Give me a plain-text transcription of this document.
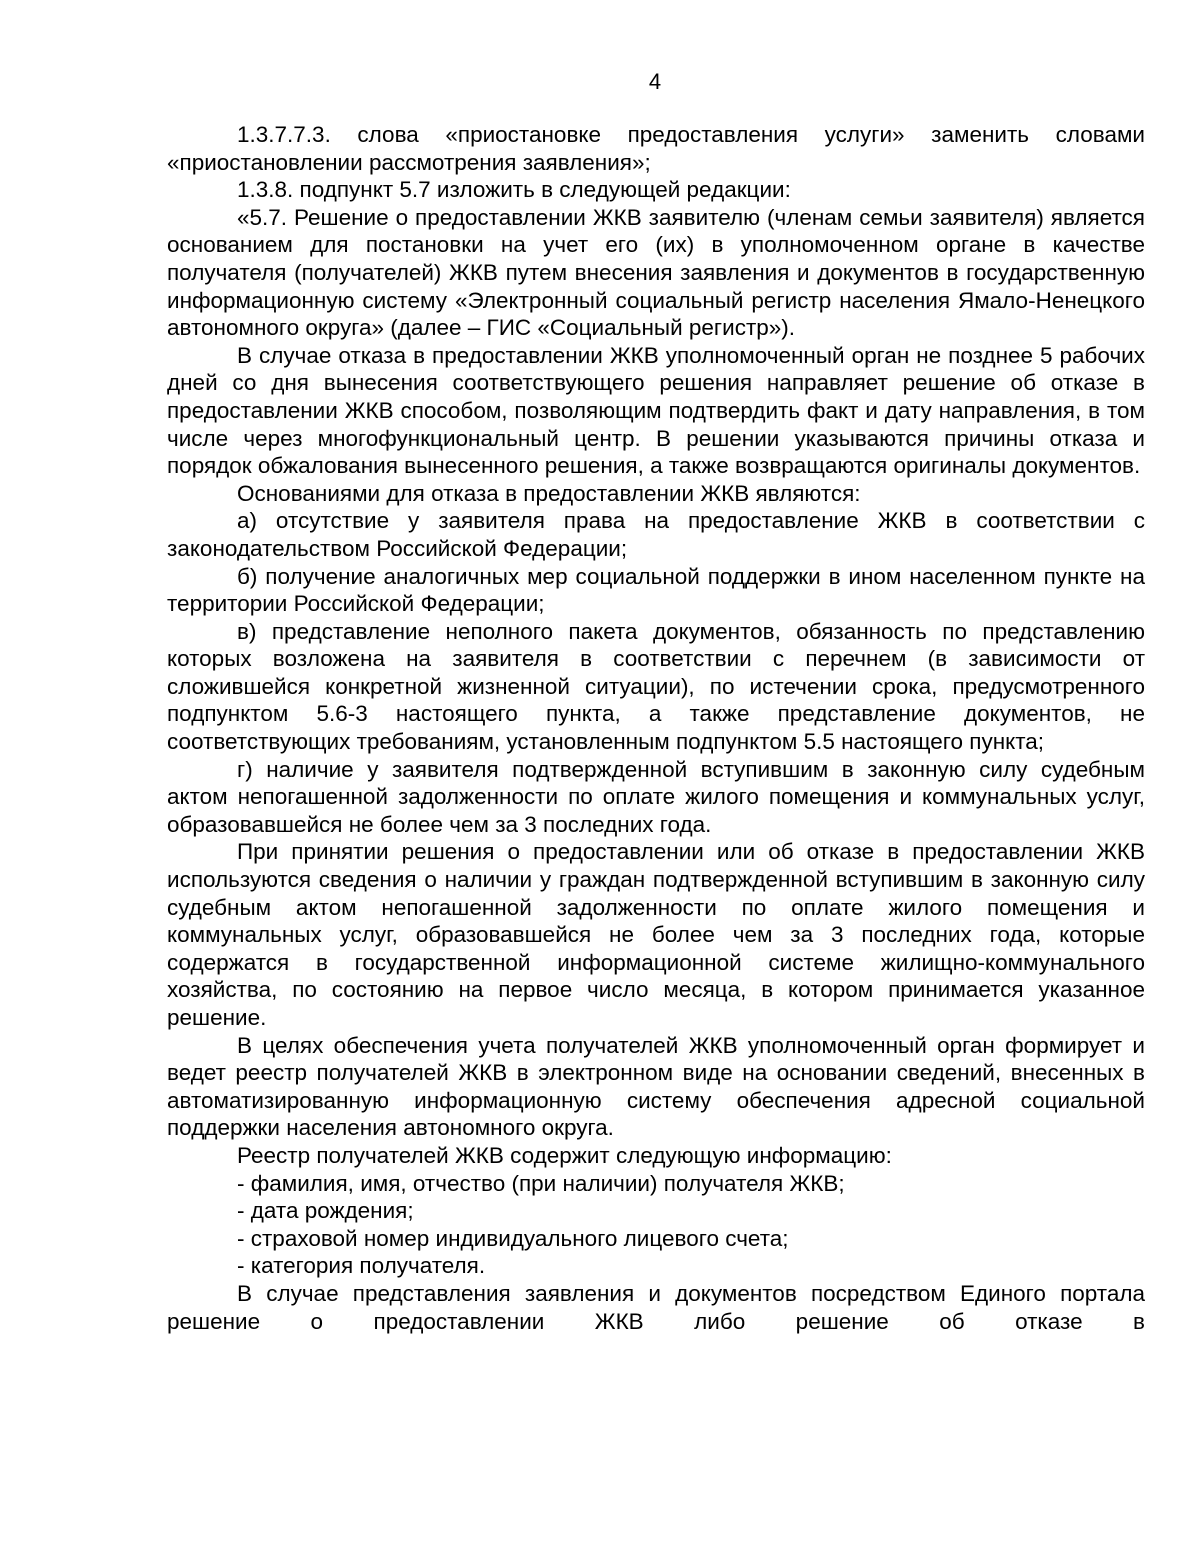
4

1.3.7.7.3. слова «приостановке предоставления услуги» заменить словами «приостановлении рассмотрения заявления»;

1.3.8. подпункт 5.7 изложить в следующей редакции:

«5.7. Решение о предоставлении ЖКВ заявителю (членам семьи заявителя) является основанием для постановки на учет его (их) в уполномоченном органе в качестве получателя (получателей) ЖКВ путем внесения заявления и документов в государственную информационную систему «Электронный социальный регистр населения Ямало-Ненецкого автономного округа» (далее – ГИС «Социальный регистр»).

В случае отказа в предоставлении ЖКВ уполномоченный орган не позднее 5 рабочих дней со дня вынесения соответствующего решения направляет решение об отказе в предоставлении ЖКВ способом, позволяющим подтвердить факт и дату направления, в том числе через многофункциональный центр. В решении указываются причины отказа и порядок обжалования вынесенного решения, а также возвращаются оригиналы документов.

Основаниями для отказа в предоставлении ЖКВ являются:

а) отсутствие у заявителя права на предоставление ЖКВ в соответствии с законодательством Российской Федерации;

б) получение аналогичных мер социальной поддержки в ином населенном пункте на территории Российской Федерации;

в) представление неполного пакета документов, обязанность по представлению которых возложена на заявителя в соответствии с перечнем (в зависимости от сложившейся конкретной жизненной ситуации), по истечении срока, предусмотренного подпунктом 5.6-3 настоящего пункта, а также представление документов, не соответствующих требованиям, установленным подпунктом 5.5 настоящего пункта;

г) наличие у заявителя подтвержденной вступившим в законную силу судебным актом непогашенной задолженности по оплате жилого помещения и коммунальных услуг, образовавшейся не более чем за 3 последних года.

При принятии решения о предоставлении или об отказе в предоставлении ЖКВ используются сведения о наличии у граждан подтвержденной вступившим в законную силу судебным актом непогашенной задолженности по оплате жилого помещения и коммунальных услуг, образовавшейся не более чем за 3 последних года, которые содержатся в государственной информационной системе жилищно-коммунального хозяйства, по состоянию на первое число месяца, в котором принимается указанное решение.

В целях обеспечения учета получателей ЖКВ уполномоченный орган формирует и ведет реестр получателей ЖКВ в электронном виде на основании сведений, внесенных в автоматизированную информационную систему обеспечения адресной социальной поддержки населения автономного округа.

Реестр получателей ЖКВ содержит следующую информацию:

- фамилия, имя, отчество (при наличии) получателя ЖКВ;

- дата рождения;

- страховой номер индивидуального лицевого счета;

- категория получателя.

В случае представления заявления и документов посредством Единого портала решение о предоставлении ЖКВ либо решение об отказе в
